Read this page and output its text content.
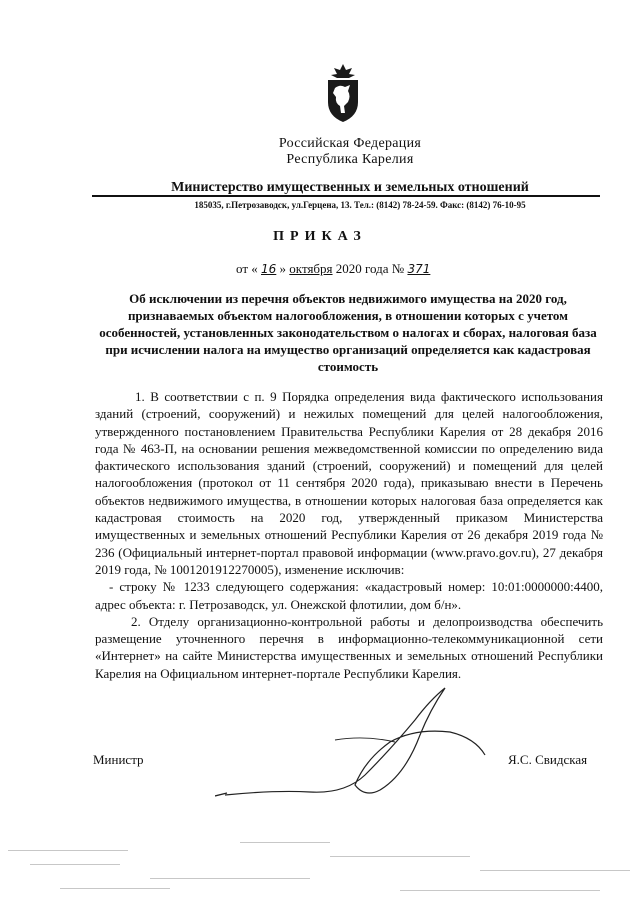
Российская Федерация
Республика Карелия
Министерство имущественных и земельных отношений
185035, г.Петрозаводск, ул.Герцена, 13. Тел.: (8142) 78-24-59. Факс: (8142) 76-10-95
ПРИКАЗ
от « 16 » октября 2020 года № 371
Об исключении из перечня объектов недвижимого имущества на 2020 год, признаваемых объектом налогообложения, в отношении которых с учетом особенностей, установленных законодательством о налогах и сборах, налоговая база при исчислении налога на имущество организаций определяется как кадастровая стоимость

1. В соответствии с п. 9 Порядка определения вида фактического использования зданий (строений, сооружений) и нежилых помещений для целей налогообложения, утвержденного постановлением Правительства Республики Карелия от 28 декабря 2016 года № 463-П, на основании решения межведомственной комиссии по определению вида фактического использования зданий (строений, сооружений) и помещений для целей налогообложения (протокол от 11 сентября 2020 года), приказываю внести в Перечень объектов недвижимого имущества, в отношении которых налоговая база определяется как кадастровая стоимость на 2020 год, утвержденный приказом Министерства имущественных и земельных отношений Республики Карелия от 26 декабря 2019 года № 236 (Официальный интернет-портал правовой информации (www.pravo.gov.ru), 27 декабря 2019 года, № 1001201912270005), изменение исключив:

- строку № 1233 следующего содержания: «кадастровый номер: 10:01:0000000:4400, адрес объекта: г. Петрозаводск, ул. Онежской флотилии, дом б/н».

2. Отделу организационно-контрольной работы и делопроизводства обеспечить размещение уточненного перечня в информационно-телекоммуникационной сети «Интернет» на сайте Министерства имущественных и земельных отношений Республики Карелия на Официальном интернет-портале Республики Карелия.

Министр	Я.С. Свидская
